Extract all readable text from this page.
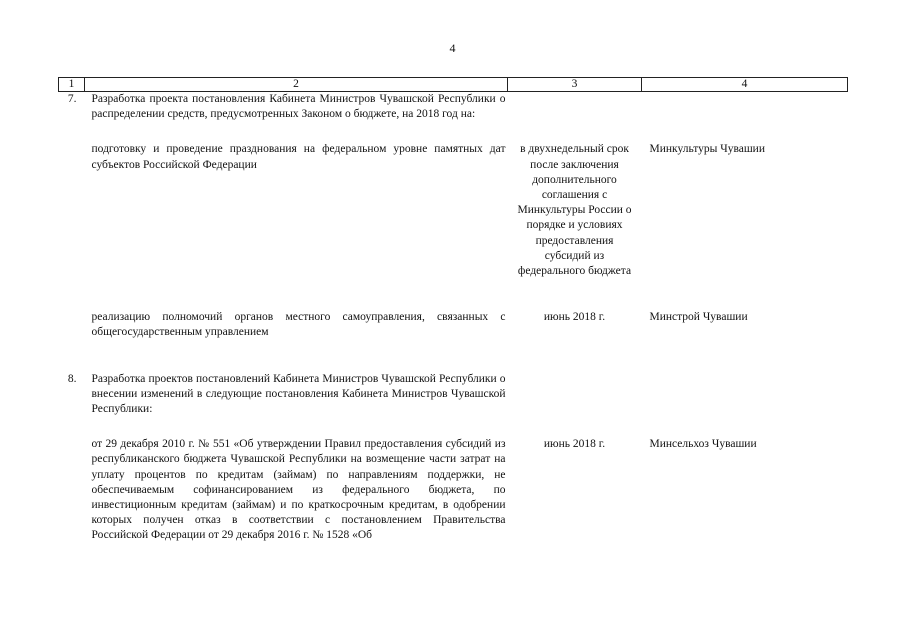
4
1	2	3	4
7.	Разработка проекта постановления Кабинета Министров Чувашской Республики о распределении средств, предусмотренных Законом о бюджете, на 2018 год на:		

	подготовку и проведение празднования на федеральном уровне памятных дат субъектов Российской Федерации	в двухнедельный срок после заключения дополнительного соглашения с Минкультуры России о порядке и условиях предоставления субсидий из федерального бюджета	Минкультуры Чувашии

	реализацию полномочий органов местного самоуправления, связанных с общегосударственным управлением	июнь 2018 г.	Минстрой Чувашии

8.	Разработка проектов постановлений Кабинета Министров Чувашской Республики о внесении изменений в следующие постановления Кабинета Министров Чувашской Республики:		

	от 29 декабря 2010 г. № 551 «Об утверждении Правил предоставления субсидий из республиканского бюджета Чувашской Республики на возмещение части затрат на уплату процентов по кредитам (займам) по направлениям поддержки, не обеспечиваемым софинансированием из федерального бюджета, по инвестиционным кредитам (займам) и по краткосрочным кредитам, в одобрении которых получен отказ в соответствии с постановлением Правительства Российской Федерации от 29 декабря 2016 г. № 1528 «Об	июнь 2018 г.	Минсельхоз Чувашии
